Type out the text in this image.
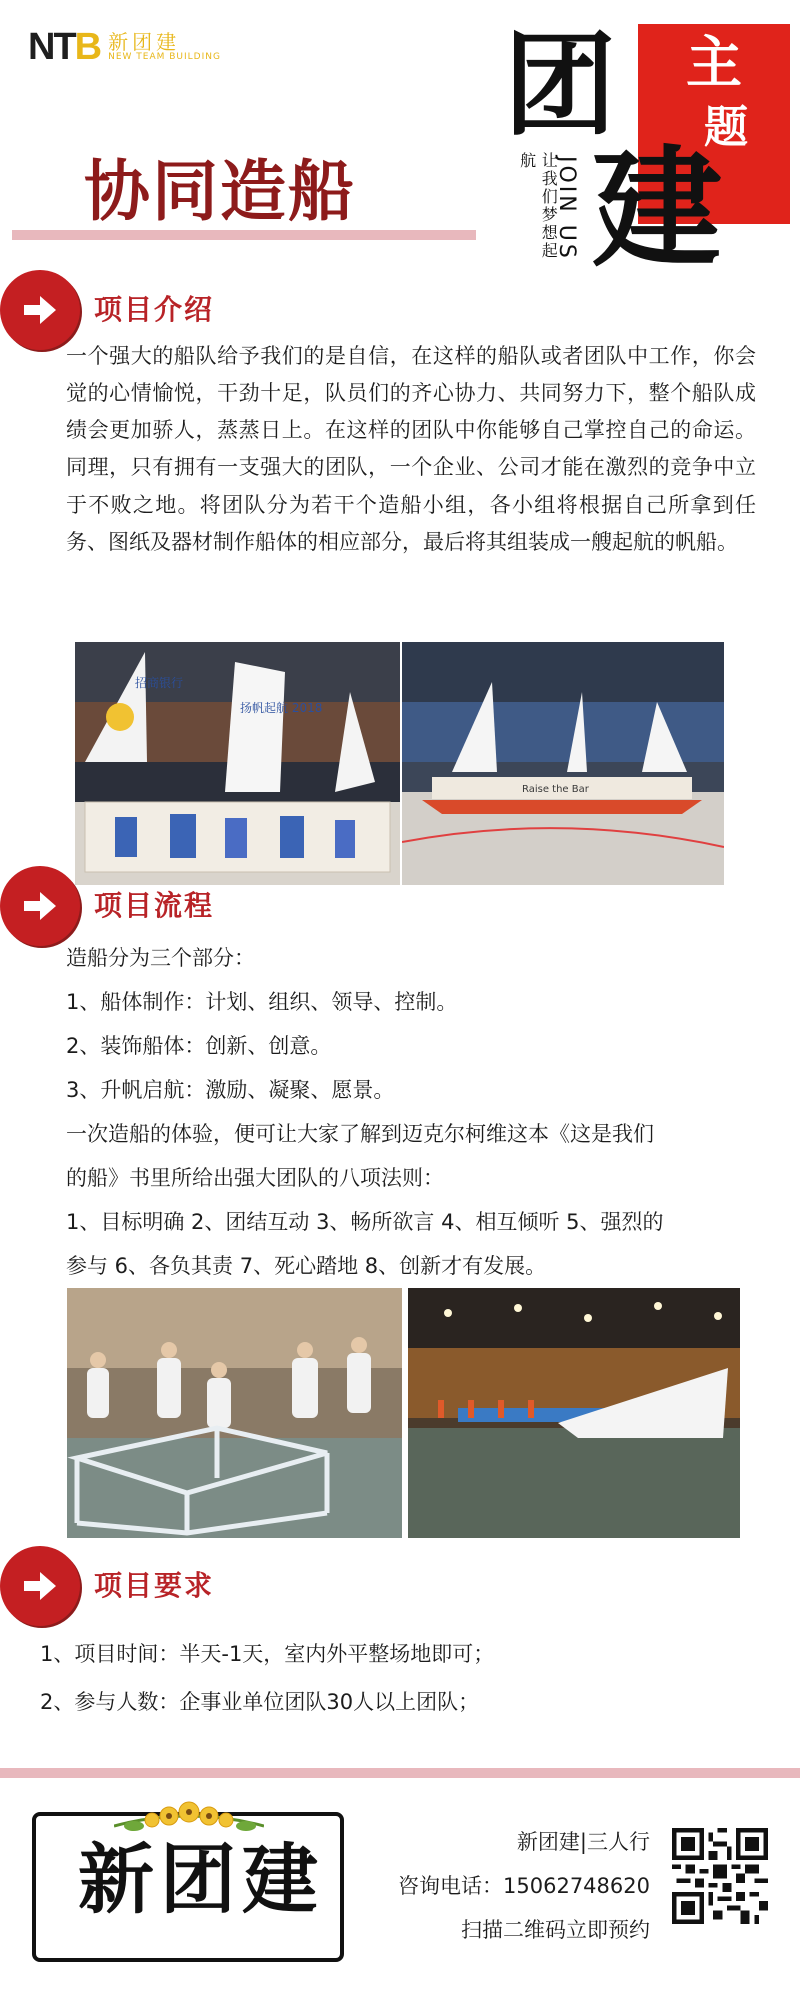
NTB 新团建
NEW TEAM BUILDING
协同造船
团 主
题
建
让我们梦想起航 JOIN US
项目介绍
一个强大的船队给予我们的是自信，在这样的船队或者团队中工作，你会觉的心情愉悦，干劲十足，队员们的齐心协力、共同努力下，整个船队成绩会更加骄人，蒸蒸日上。在这样的团队中你能够自己掌控自己的命运。同理，只有拥有一支强大的团队，一个企业、公司才能在激烈的竞争中立于不败之地。将团队分为若干个造船小组，各小组将根据自己所拿到任务、图纸及器材制作船体的相应部分，最后将其组装成一艘起航的帆船。
招商银行
扬帆起航 2018
Raise the Bar
项目流程
造船分为三个部分：
1、船体制作：计划、组织、领导、控制。
2、装饰船体：创新、创意。
3、升帆启航：激励、凝聚、愿景。
一次造船的体验，便可让大家了解到迈克尔柯维这本《这是我们
的船》书里所给出强大团队的八项法则：
1、目标明确 2、团结互动 3、畅所欲言 4、相互倾听 5、强烈的
参与 6、各负其责 7、死心踏地 8、创新才有发展。
项目要求
1、项目时间：半天-1天，室内外平整场地即可；
2、参与人数：企事业单位团队30人以上团队；
新团建	新团建|三人行
咨询电话：15062748620
扫描二维码立即预约
